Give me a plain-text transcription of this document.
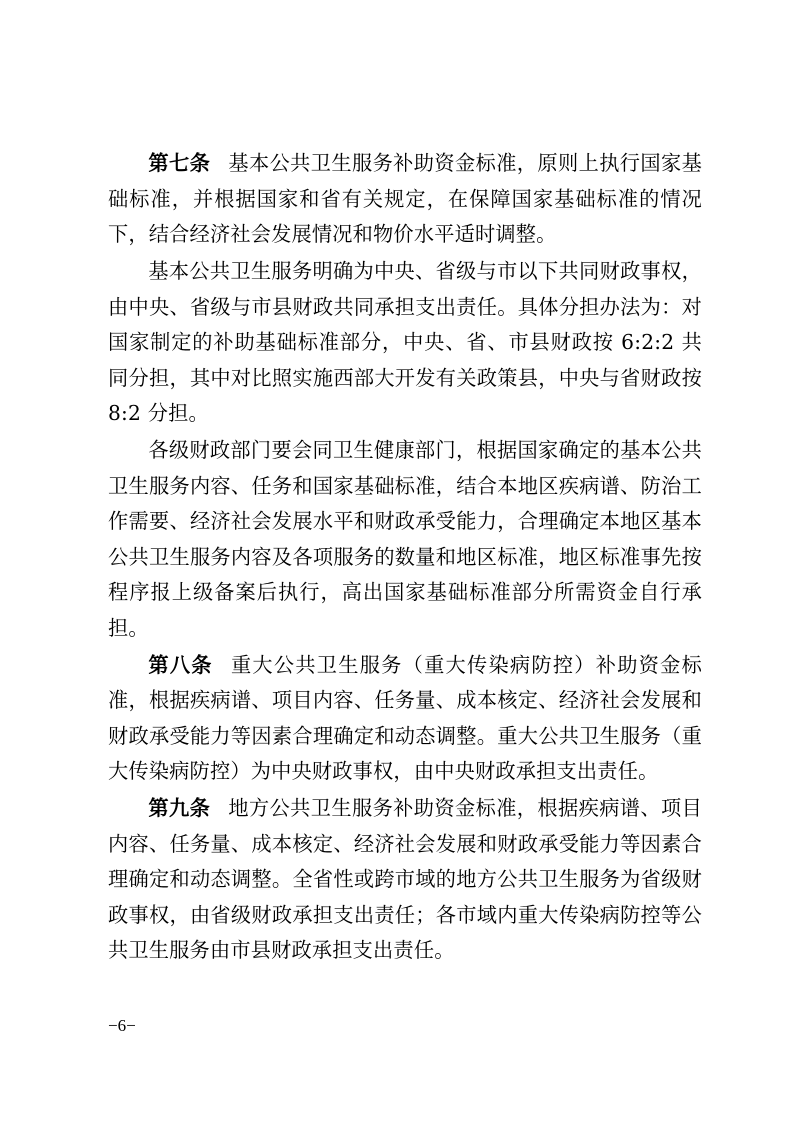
第七条 基本公共卫生服务补助资金标准，原则上执行国家基础标准，并根据国家和省有关规定，在保障国家基础标准的情况下，结合经济社会发展情况和物价水平适时调整。

基本公共卫生服务明确为中央、省级与市以下共同财政事权，由中央、省级与市县财政共同承担支出责任。具体分担办法为：对国家制定的补助基础标准部分，中央、省、市县财政按 6:2:2 共同分担，其中对比照实施西部大开发有关政策县，中央与省财政按 8:2 分担。

各级财政部门要会同卫生健康部门，根据国家确定的基本公共卫生服务内容、任务和国家基础标准，结合本地区疾病谱、防治工作需要、经济社会发展水平和财政承受能力，合理确定本地区基本公共卫生服务内容及各项服务的数量和地区标准，地区标准事先按程序报上级备案后执行，高出国家基础标准部分所需资金自行承担。

第八条 重大公共卫生服务（重大传染病防控）补助资金标准，根据疾病谱、项目内容、任务量、成本核定、经济社会发展和财政承受能力等因素合理确定和动态调整。重大公共卫生服务（重大传染病防控）为中央财政事权，由中央财政承担支出责任。

第九条 地方公共卫生服务补助资金标准，根据疾病谱、项目内容、任务量、成本核定、经济社会发展和财政承受能力等因素合理确定和动态调整。全省性或跨市域的地方公共卫生服务为省级财政事权，由省级财政承担支出责任；各市域内重大传染病防控等公共卫生服务由市县财政承担支出责任。

−6−
